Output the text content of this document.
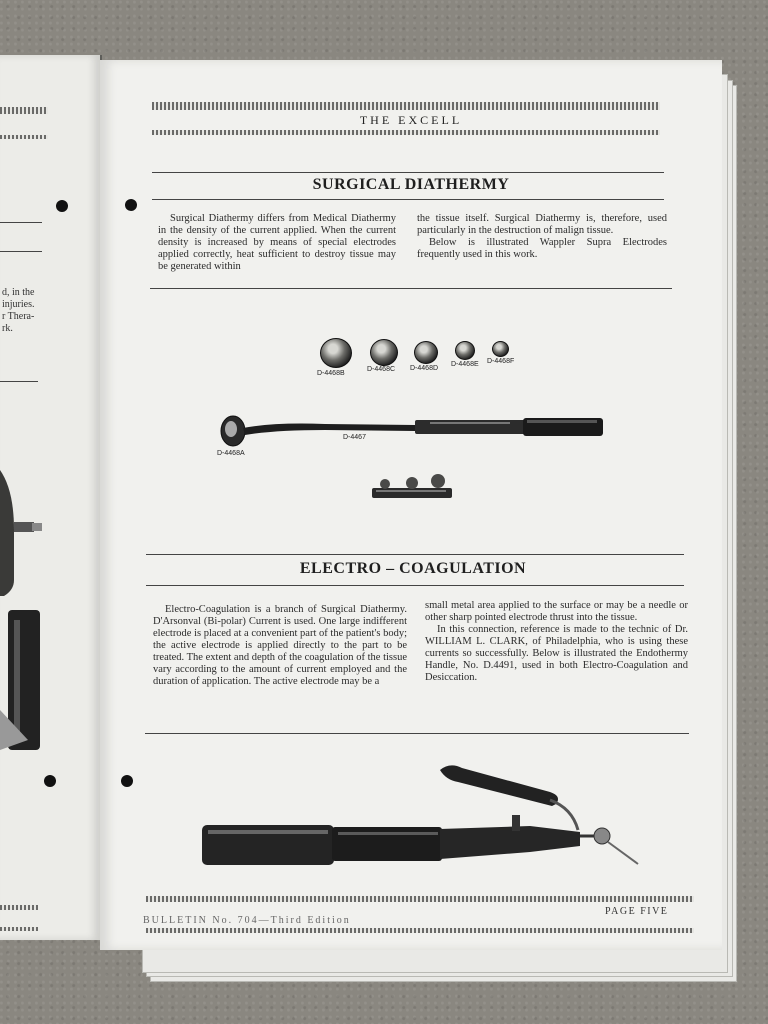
d, in the
injuries.
r Thera-
rk.
THE EXCELL
SURGICAL DIATHERMY

Surgical Diathermy differs from Medical Diathermy in the density of the current applied. When the current density is increased by means of special electrodes applied correctly, heat sufficient to destroy tissue may be generated within

the tissue itself. Surgical Diathermy is, therefore, used particularly in the destruction of malign tissue.

Below is illustrated Wappler Supra Electrodes frequently used in this work.

D-4468B
D-4468C D-4468D
D-4468E D-4468F
D-4467
D-4468A
ELECTRO – COAGULATION

Electro-Coagulation is a branch of Surgical Diathermy. D'Arsonval (Bi-polar) Current is used. One large indifferent electrode is placed at a convenient part of the patient's body; the active electrode is applied directly to the part to be treated. The extent and depth of the coagulation of the tissue vary according to the amount of current employed and the duration of application. The active electrode may be a

small metal area applied to the surface or may be a needle or other sharp pointed electrode thrust into the tissue.

In this connection, reference is made to the technic of Dr. WILLIAM L. CLARK, of Philadelphia, who is using these currents so successfully. Below is illustrated the Endothermy Handle, No. D.4491, used in both Electro-Coagulation and Desiccation.

BULLETIN No. 704—Third Edition
PAGE FIVE
